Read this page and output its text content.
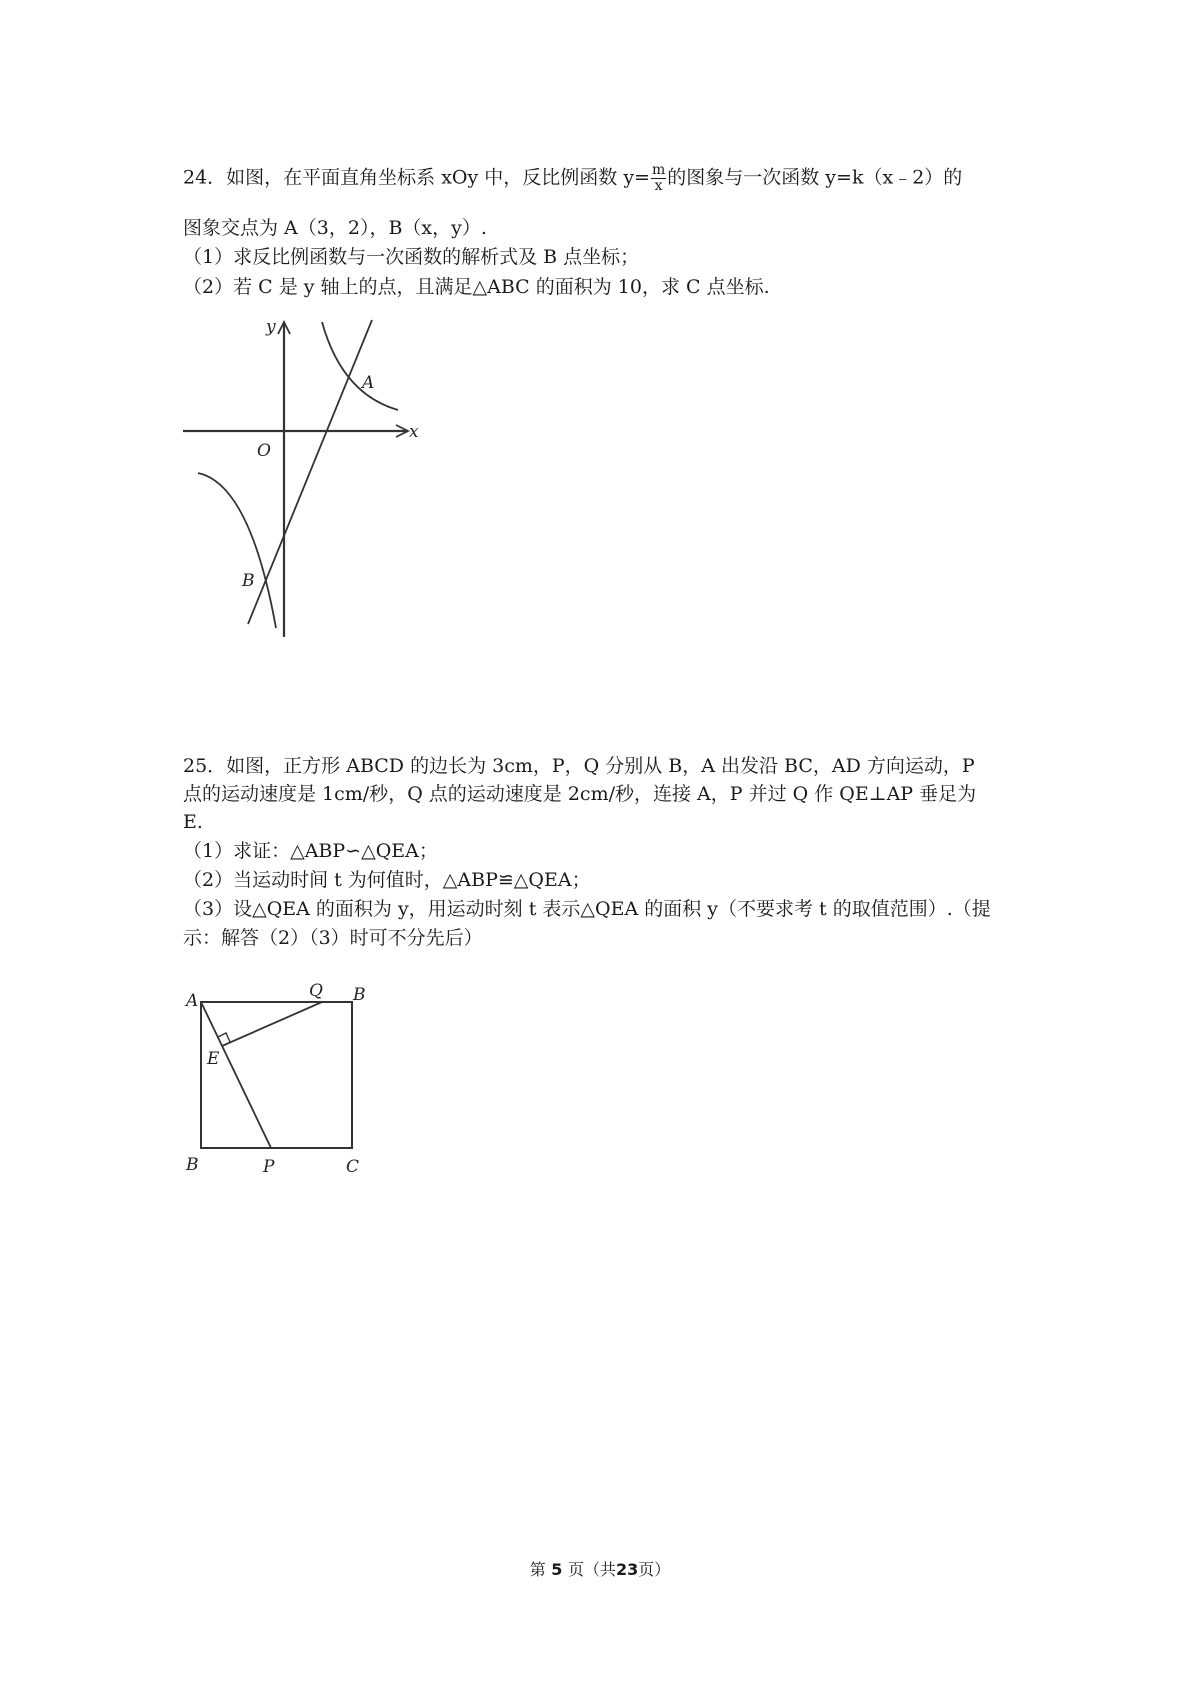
24．如图，在平面直角坐标系 xOy 中，反比例函数 $y= \frac{m}{x}$ 的图象与一次函数 y=k（x﹣2）的
图象交点为 A（3，2），B（x，y）.
（1）求反比例函数与一次函数的解析式及 B 点坐标；
（2）若 C 是 y 轴上的点，且满足△ABC 的面积为 10，求 C 点坐标.
y
x
O
A
B
25．如图，正方形 ABCD 的边长为 3cm，P，Q 分别从 B，A 出发沿 BC，AD 方向运动，P
点的运动速度是 1cm/秒，Q 点的运动速度是 2cm/秒，连接 A，P 并过 Q 作 QE⊥AP 垂足为
E.
（1）求证：△ABP∽△QEA；
（2）当运动时间 t 为何值时，△ABP≌△QEA；
（3）设△QEA 的面积为 y，用运动时刻 t 表示△QEA 的面积 y（不要求考 t 的取值范围）.（提
示：解答（2）（3）时可不分先后）
A	Q B
E
B	P	C
第 5 页（共23页）
